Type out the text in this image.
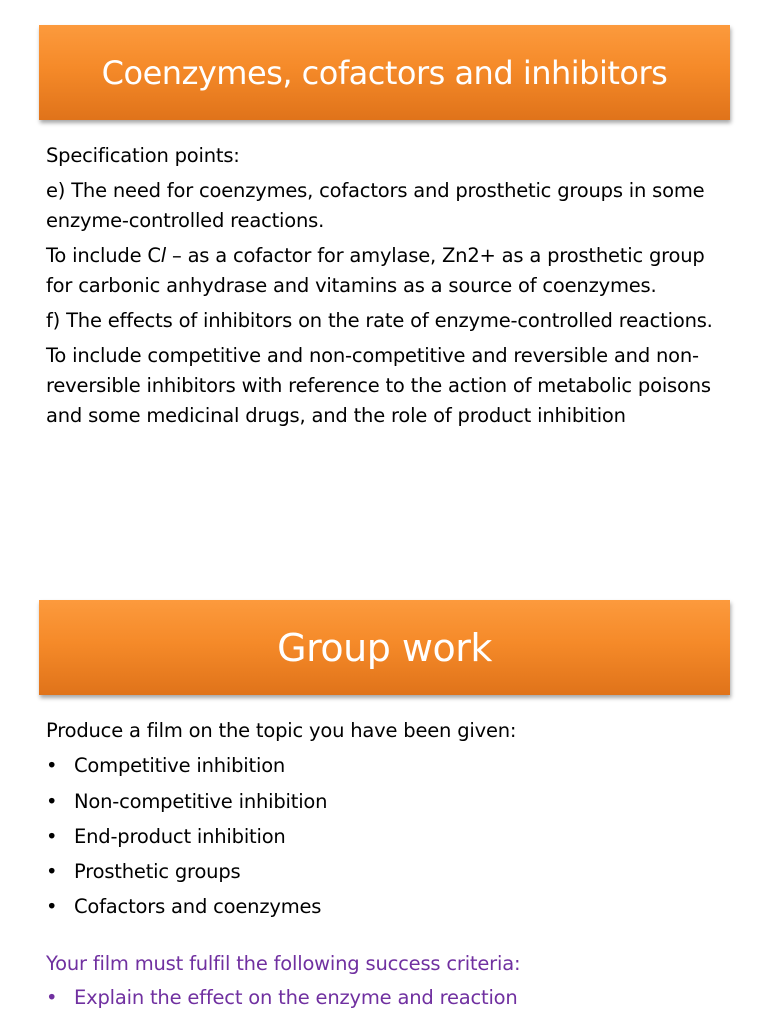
Coenzymes, cofactors and inhibitors

Specification points:

e) The need for coenzymes, cofactors and prosthetic groups in some enzyme-controlled reactions.

To include Cl – as a cofactor for amylase, Zn2+ as a prosthetic group for carbonic anhydrase and vitamins as a source of coenzymes.

f) The effects of inhibitors on the rate of enzyme-controlled reactions.

To include competitive and non-competitive and reversible and non-reversible inhibitors with reference to the action of metabolic poisons and some medicinal drugs, and the role of product inhibition

Group work

Produce a film on the topic you have been given:

• Competitive inhibition
• Non-competitive inhibition
• End-product inhibition
• Prosthetic groups
• Cofactors and coenzymes

Your film must fulfil the following success criteria:

• Explain the effect on the enzyme and reaction
